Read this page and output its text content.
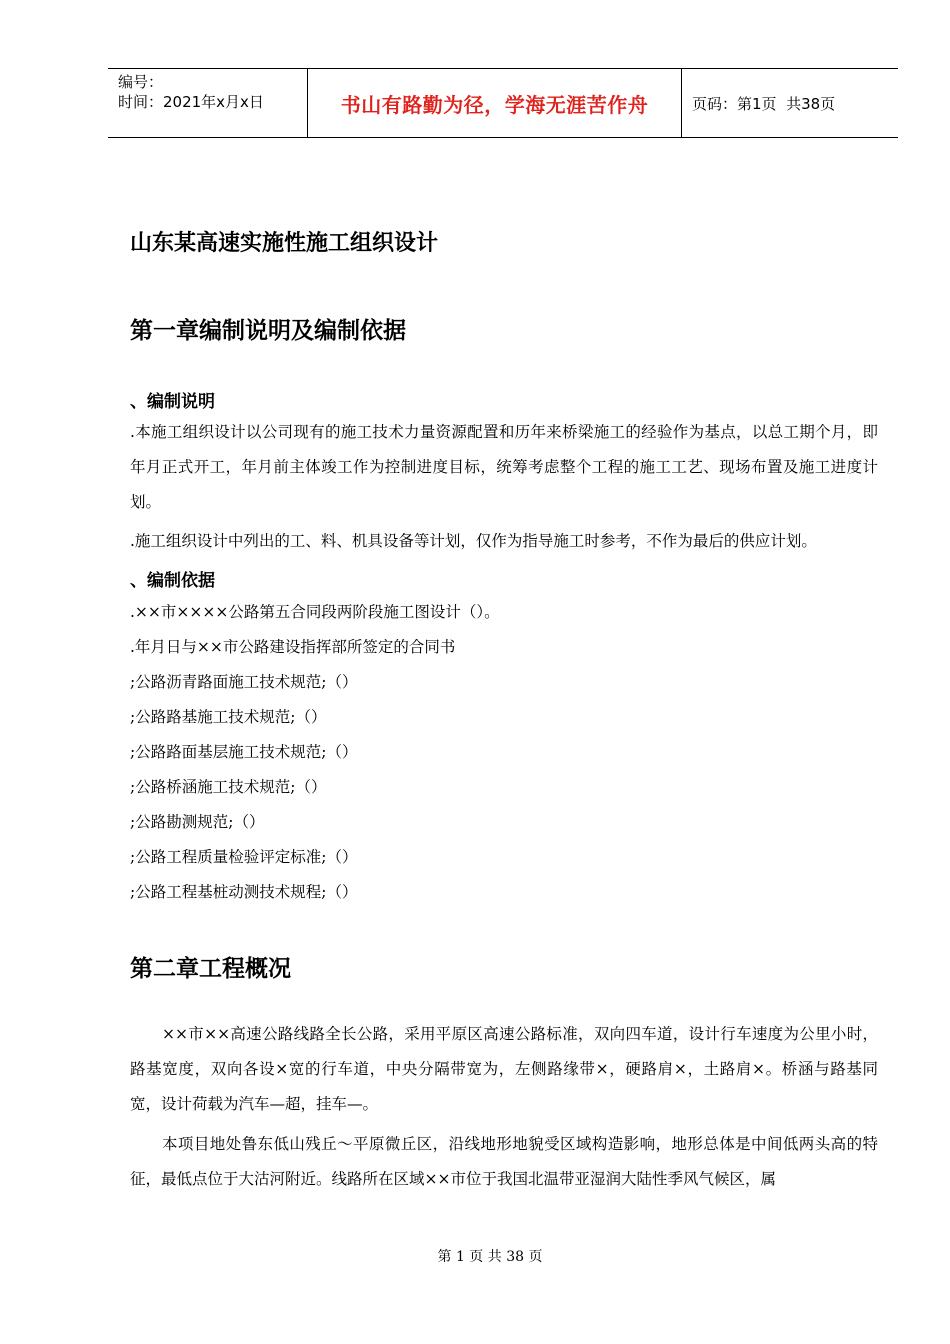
编号：
时间：2021年x月x日	书山有路勤为径，学海无涯苦作舟	页码：第1页  共38页
山东某高速实施性施工组织设计
第一章编制说明及编制依据
、编制说明

.本施工组织设计以公司现有的施工技术力量资源配置和历年来桥梁施工的经验作为基点，以总工期个月，即年月正式开工，年月前主体竣工作为控制进度目标，统筹考虑整个工程的施工工艺、现场布置及施工进度计划。

.施工组织设计中列出的工、料、机具设备等计划，仅作为指导施工时参考，不作为最后的供应计划。

、编制依据

.××市××××公路第五合同段两阶段施工图设计（）。

.年月日与××市公路建设指挥部所签定的合同书

;公路沥青路面施工技术规范;（）

;公路路基施工技术规范;（）

;公路路面基层施工技术规范;（）

;公路桥涵施工技术规范;（）

;公路勘测规范;（）

;公路工程质量检验评定标准;（）

;公路工程基桩动测技术规程;（）

第二章工程概况

××市××高速公路线路全长公路，采用平原区高速公路标准，双向四车道，设计行车速度为公里小时，路基宽度，双向各设×宽的行车道，中央分隔带宽为，左侧路缘带×，硬路肩×，土路肩×。桥涵与路基同宽，设计荷载为汽车—超，挂车—。

本项目地处鲁东低山残丘～平原微丘区，沿线地形地貌受区域构造影响，地形总体是中间低两头高的特征，最低点位于大沽河附近。线路所在区域××市位于我国北温带亚湿润大陆性季风气候区，属

第 1 页 共 38 页
